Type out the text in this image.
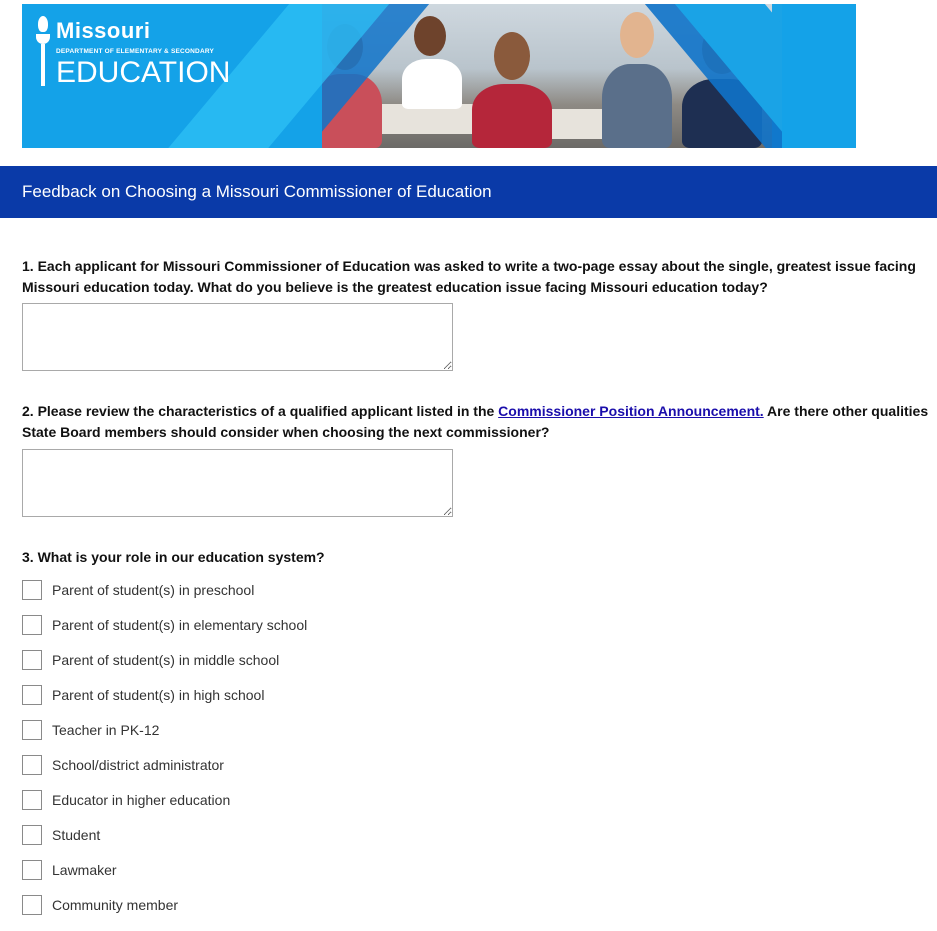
Missouri
DEPARTMENT OF ELEMENTARY & SECONDARY
EDUCATION
Feedback on Choosing a Missouri Commissioner of Education
1. Each applicant for Missouri Commissioner of Education was asked to write a two-page essay about the single, greatest issue facing Missouri education today. What do you believe is the greatest education issue facing Missouri education today?
2. Please review the characteristics of a qualified applicant listed in the Commissioner Position Announcement. Are there other qualities State Board members should consider when choosing the next commissioner?
3. What is your role in our education system?
Parent of student(s) in preschool
Parent of student(s) in elementary school
Parent of student(s) in middle school
Parent of student(s) in high school
Teacher in PK-12
School/district administrator
Educator in higher education
Student
Lawmaker
Community member
